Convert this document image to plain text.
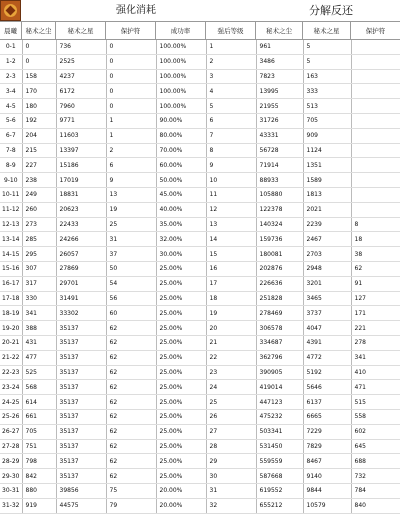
强化消耗	分解反还
晨曦	秘术之尘	秘术之星	保护符	成功率	强后等级	秘术之尘	秘术之星	保护符
0-1	0	736	0	100.00%	1	961	5	
1-2	0	2525	0	100.00%	2	3486	5	
2-3	158	4237	0	100.00%	3	7823	163	
3-4	170	6172	0	100.00%	4	13995	333	
4-5	180	7960	0	100.00%	5	21955	513	
5-6	192	9771	1	90.00%	6	31726	705	
6-7	204	11603	1	80.00%	7	43331	909	
7-8	215	13397	2	70.00%	8	56728	1124	
8-9	227	15186	6	60.00%	9	71914	1351	
9-10	238	17019	9	50.00%	10	88933	1589	
10-11	249	18831	13	45.00%	11	105880	1813	
11-12	260	20623	19	40.00%	12	122378	2021	
12-13	273	22433	25	35.00%	13	140324	2239	8
13-14	285	24266	31	32.00%	14	159736	2467	18
14-15	295	26057	37	30.00%	15	180081	2703	38
15-16	307	27869	50	25.00%	16	202876	2948	62
16-17	317	29701	54	25.00%	17	226636	3201	91
17-18	330	31491	56	25.00%	18	251828	3465	127
18-19	341	33302	60	25.00%	19	278469	3737	171
19-20	388	35137	62	25.00%	20	306578	4047	221
20-21	431	35137	62	25.00%	21	334687	4391	278
21-22	477	35137	62	25.00%	22	362796	4772	341
22-23	525	35137	62	25.00%	23	390905	5192	410
23-24	568	35137	62	25.00%	24	419014	5646	471
24-25	614	35137	62	25.00%	25	447123	6137	515
25-26	661	35137	62	25.00%	26	475232	6665	558
26-27	705	35137	62	25.00%	27	503341	7229	602
27-28	751	35137	62	25.00%	28	531450	7829	645
28-29	798	35137	62	25.00%	29	559559	8467	688
29-30	842	35137	62	25.00%	30	587668	9140	732
30-31	880	39856	75	20.00%	31	619552	9844	784
31-32	919	44575	79	20.00%	32	655212	10579	840
